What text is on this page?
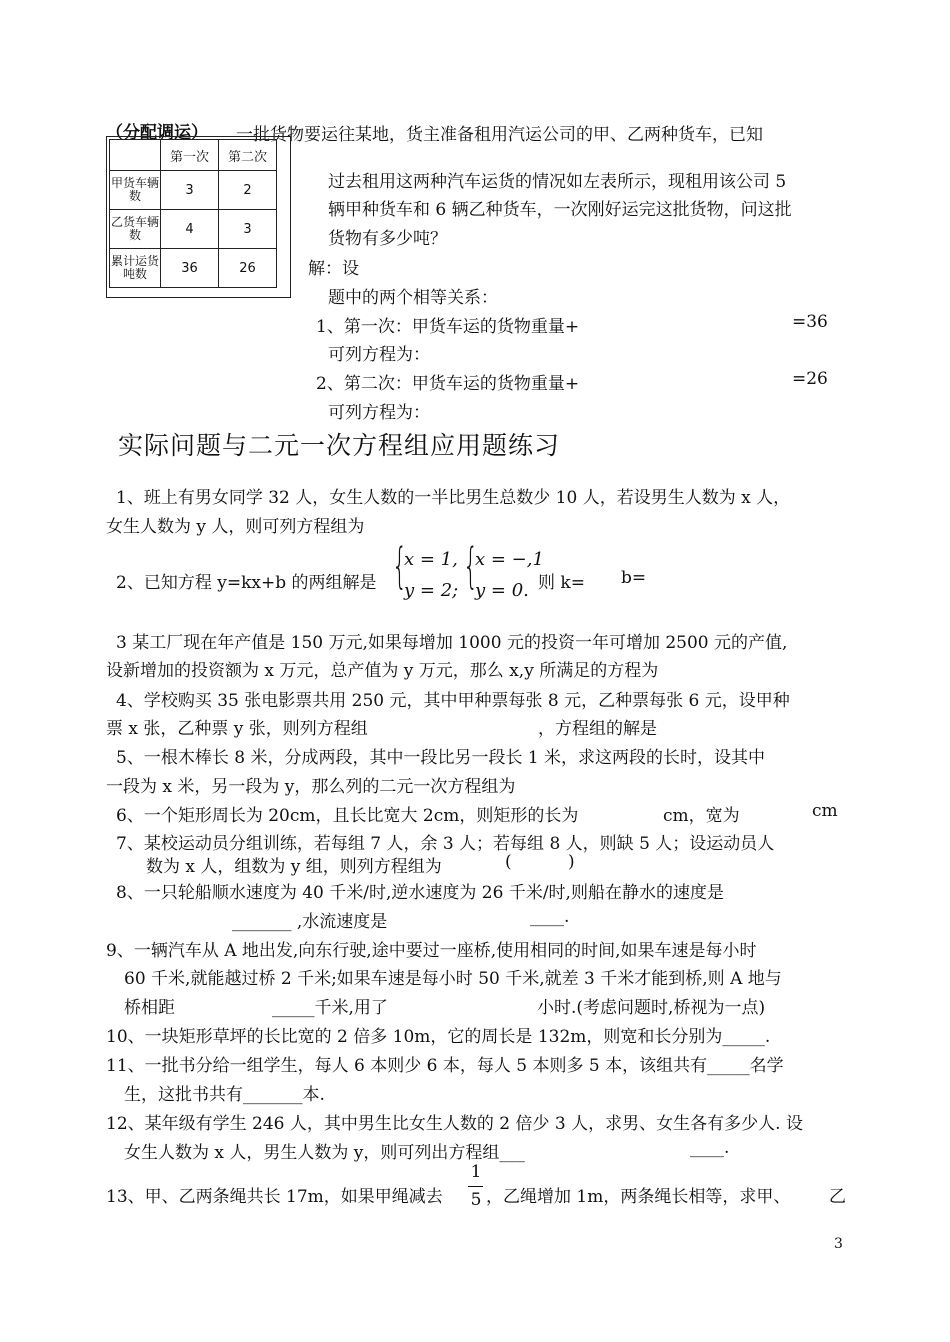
（分配调运） 一批货物要运往某地，货主准备租用汽运公司的甲、乙两种货车，已知
	第一次	第二次
甲货车辆数	3	2
乙货车辆数	4	3
累计运货吨数	36	26
过去租用这两种汽车运货的情况如左表所示，现租用该公司 5
辆甲种货车和 6 辆乙种货车，一次刚好运完这批货物，问这批
货物有多少吨？
解：设
题中的两个相等关系：
1、第一次：甲货车运的货物重量+	=36
可列方程为：
2、第二次：甲货车运的货物重量+	=26
可列方程为：
实际问题与二元一次方程组应用题练习
1、班上有男女同学 32 人，女生人数的一半比男生总数少 10 人，若设男生人数为 x 人，
女生人数为 y 人，则可列方程组为
2、已知方程 y=kx+b 的两组解是 {
x = 1,
y = 2; {
x = −,1
y = 0. 则 k= b=
3 某工厂现在年产值是 150 万元,如果每增加 1000 元的投资一年可增加 2500 元的产值,
设新增加的投资额为 x 万元，总产值为 y 万元，那么 x,y 所满足的方程为
4、学校购买 35 张电影票共用 250 元，其中甲种票每张 8 元，乙种票每张 6 元，设甲种
票 x 张，乙种票 y 张，则列方程组	，方程组的解是
5、一根木棒长 8 米，分成两段，其中一段比另一段长 1 米，求这两段的长时，设其中
一段为 x 米，另一段为 y，那么列的二元一次方程组为
6、一个矩形周长为 20cm，且长比宽大 2cm，则矩形的长为	cm，宽为	cm
7、某校运动员分组训练，若每组 7 人，余 3 人；若每组 8 人，则缺 5 人；设运动员人
数为 x 人，组数为 y 组，则列方程组为	(	)
8、一只轮船顺水速度为 40 千米/时,逆水速度为 26 千米/时,则船在静水的速度是
_______ ,水流速度是	____.
9、一辆汽车从 A 地出发,向东行驶,途中要过一座桥,使用相同的时间,如果车速是每小时
60 千米,就能越过桥 2 千米;如果车速是每小时 50 千米,就差 3 千米才能到桥,则 A 地与
桥相距	_____千米,用了	小时.(考虑问题时,桥视为一点)
10、一块矩形草坪的长比宽的 2 倍多 10m，它的周长是 132m，则宽和长分别为_____.
11、一批书分给一组学生，每人 6 本则少 6 本，每人 5 本则多 5 本，该组共有_____名学
生，这批书共有_______本.
12、某年级有学生 246 人，其中男生比女生人数的 2 倍少 3 人，求男、女生各有多少人. 设
女生人数为 x 人，男生人数为 y，则可列出方程组___	____.
13、甲、乙两条绳共长 17m，如果甲绳减去
1
5 ，乙绳增加 1m，两条绳长相等，求甲、 乙
3
